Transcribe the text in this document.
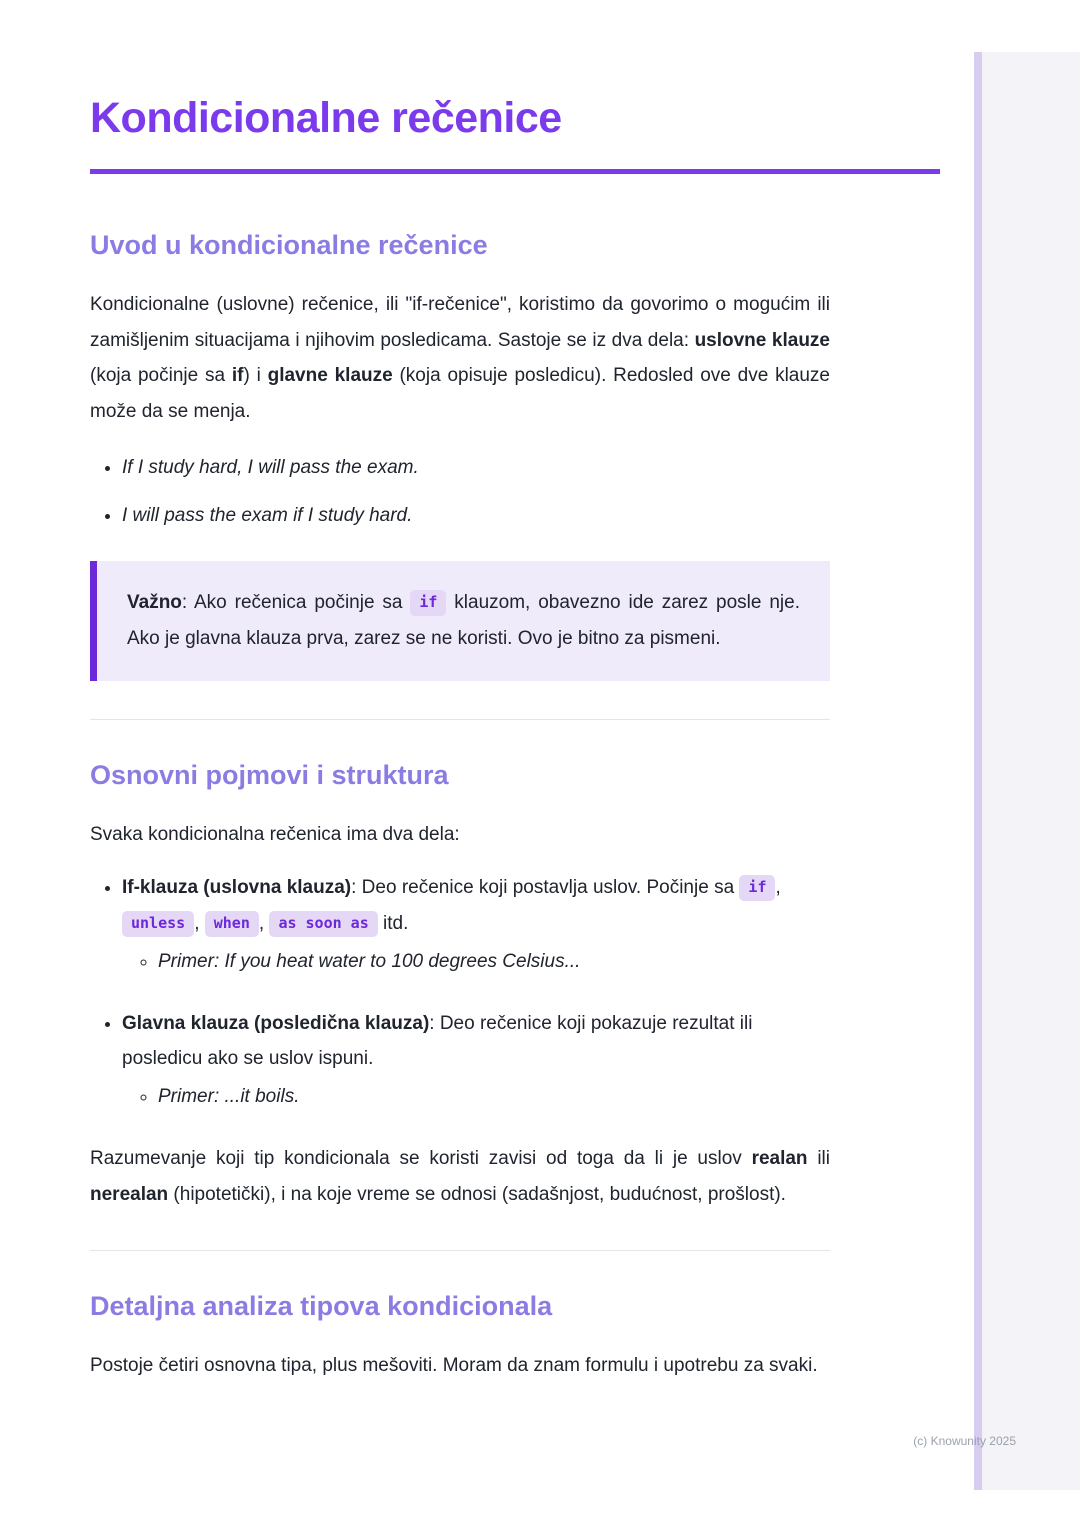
Kondicionalne rečenice
Uvod u kondicionalne rečenice

Kondicionalne (uslovne) rečenice, ili "if-rečenice", koristimo da govorimo o mogućim ili zamišljenim situacijama i njihovim posledicama. Sastoje se iz dva dela: uslovne klauze (koja počinje sa if) i glavne klauze (koja opisuje posledicu). Redosled ove dve klauze može da se menja.

• If I study hard, I will pass the exam.
• I will pass the exam if I study hard.

Važno: Ako rečenica počinje sa if klauzom, obavezno ide zarez posle nje. Ako je glavna klauza prva, zarez se ne koristi. Ovo je bitno za pismeni.

Osnovni pojmovi i struktura

Svaka kondicionalna rečenica ima dva dela:

• If-klauza (uslovna klauza): Deo rečenice koji postavlja uslov. Počinje sa if , unless , when , as soon as itd.
◦ Primer: If you heat water to 100 degrees Celsius...
• Glavna klauza (posledična klauza): Deo rečenice koji pokazuje rezultat ili posledicu ako se uslov ispuni.
◦ Primer: ...it boils.

Razumevanje koji tip kondicionala se koristi zavisi od toga da li je uslov realan ili nerealan (hipotetički), i na koje vreme se odnosi (sadašnjost, budućnost, prošlost).

Detaljna analiza tipova kondicionala

Postoje četiri osnovna tipa, plus mešoviti. Moram da znam formulu i upotrebu za svaki.

(c) Knowunity 2025
